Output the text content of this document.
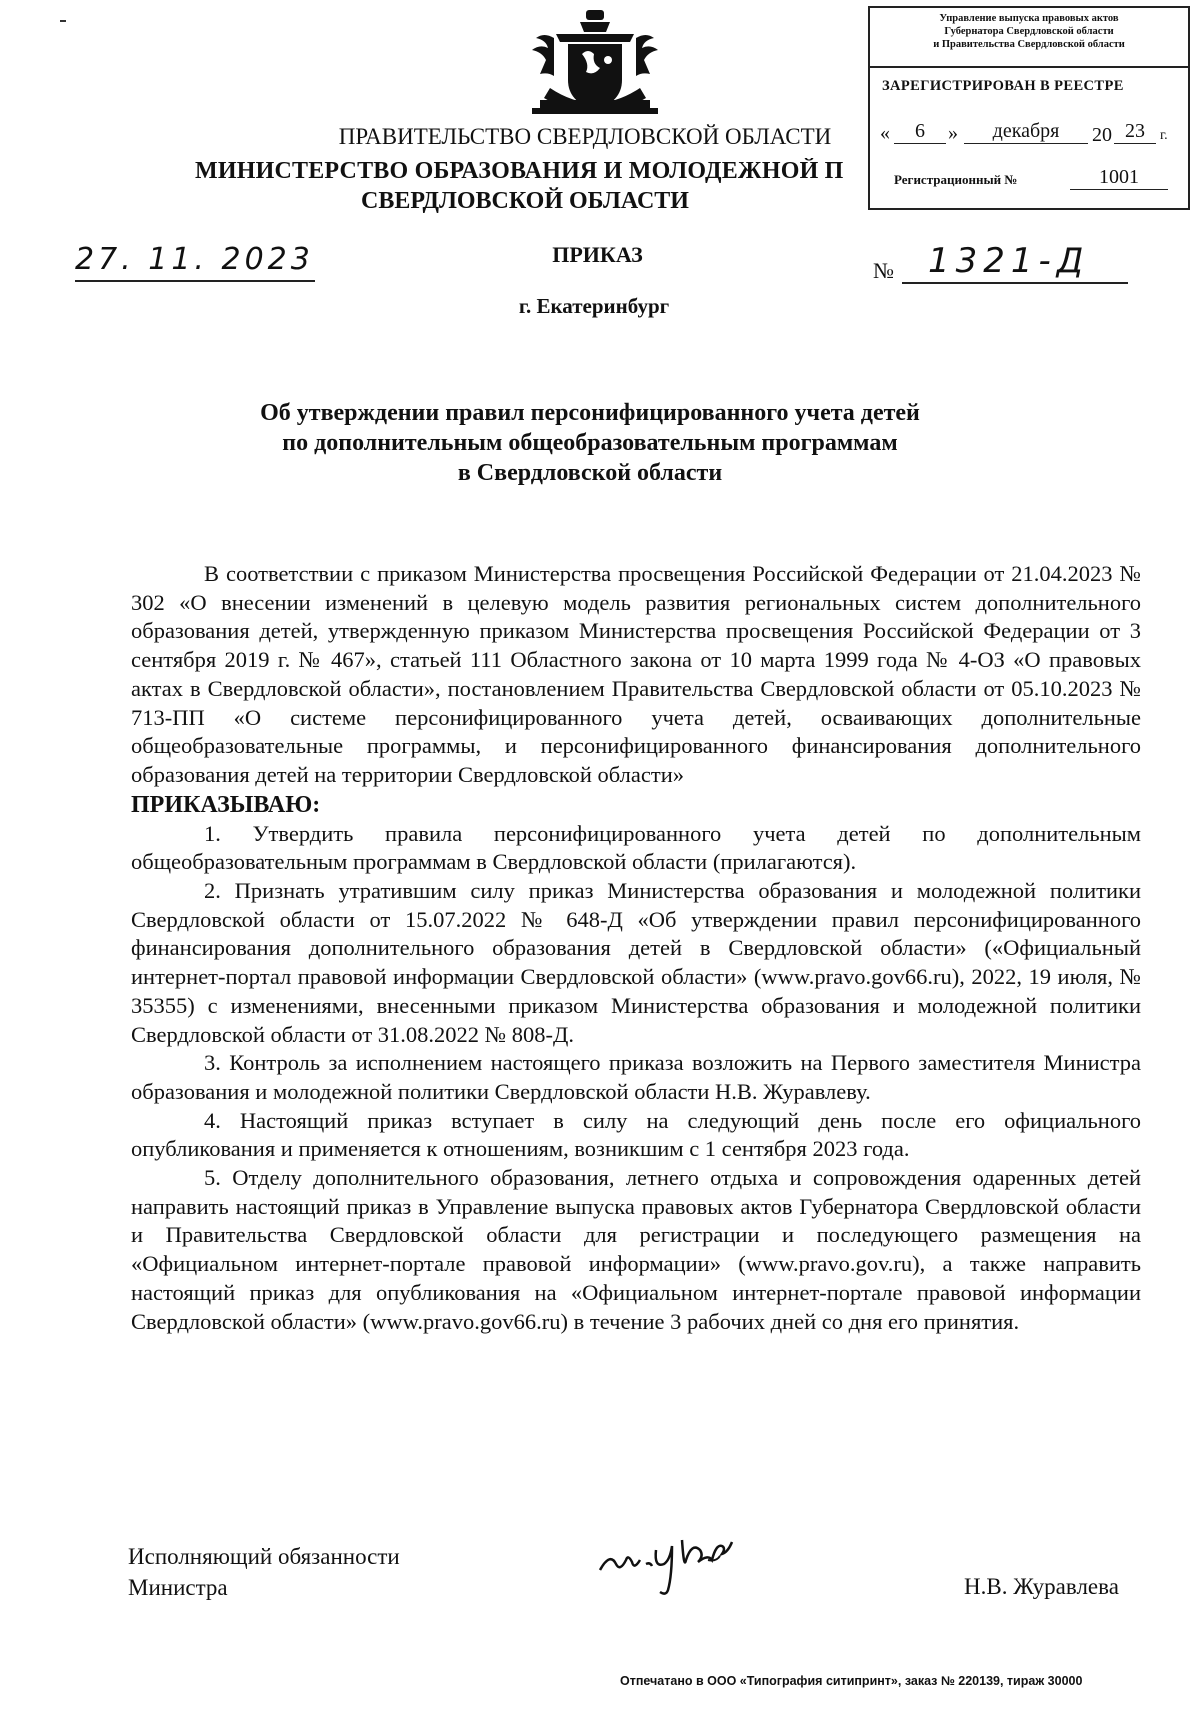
Управление выпуска правовых актов
Губернатора Свердловской области
и Правительства Свердловской области
ЗАРЕГИСТРИРОВАН В РЕЕСТРЕ
«	6	»	декабря	20 23	г.
Регистрационный №	1001
ПРАВИТЕЛЬСТВО СВЕРДЛОВСКОЙ ОБЛАСТИ
МИНИСТЕРСТВО ОБРАЗОВАНИЯ И МОЛОДЕЖНОЙ П
СВЕРДЛОВСКОЙ ОБЛАСТИ
27. 11. 2023	ПРИКАЗ
№	1321-Д
г. Екатеринбург
Об утверждении правил персонифицированного учета детей
по дополнительным общеобразовательным программам
в Свердловской области

В соответствии с приказом Министерства просвещения Российской Федерации от 21.04.2023 № 302 «О внесении изменений в целевую модель развития региональных систем дополнительного образования детей, утвержденную приказом Министерства просвещения Российской Федерации от 3 сентября 2019 г. № 467», статьей 111 Областного закона от 10 марта 1999 года № 4-ОЗ «О правовых актах в Свердловской области», постановлением Правительства Свердловской области от 05.10.2023 № 713-ПП «О системе персонифицированного учета детей, осваивающих дополнительные общеобразовательные программы, и персонифицированного финансирования дополнительного образования детей на территории Свердловской области»

ПРИКАЗЫВАЮ:

1. Утвердить правила персонифицированного учета детей по дополнительным общеобразовательным программам в Свердловской области (прилагаются).

2. Признать утратившим силу приказ Министерства образования и молодежной политики Свердловской области от 15.07.2022 № 648-Д «Об утверждении правил персонифицированного финансирования дополнительного образования детей в Свердловской области» («Официальный интернет-портал правовой информации Свердловской области» (www.pravo.gov66.ru), 2022, 19 июля, № 35355) с изменениями, внесенными приказом Министерства образования и молодежной политики Свердловской области от 31.08.2022 № 808-Д.

3. Контроль за исполнением настоящего приказа возложить на Первого заместителя Министра образования и молодежной политики Свердловской области Н.В. Журавлеву.

4. Настоящий приказ вступает в силу на следующий день после его официального опубликования и применяется к отношениям, возникшим с 1 сентября 2023 года.

5. Отделу дополнительного образования, летнего отдыха и сопровождения одаренных детей направить настоящий приказ в Управление выпуска правовых актов Губернатора Свердловской области и Правительства Свердловской области для регистрации и последующего размещения на «Официальном интернет-портале правовой информации» (www.pravo.gov.ru), а также направить настоящий приказ для опубликования на «Официальном интернет-портале правовой информации Свердловской области» (www.pravo.gov66.ru) в течение 3 рабочих дней со дня его принятия.

Исполняющий обязанности
Министра	Н.В. Журавлева
Отпечатано в ООО «Типография ситипринт», заказ № 220139, тираж 30000
